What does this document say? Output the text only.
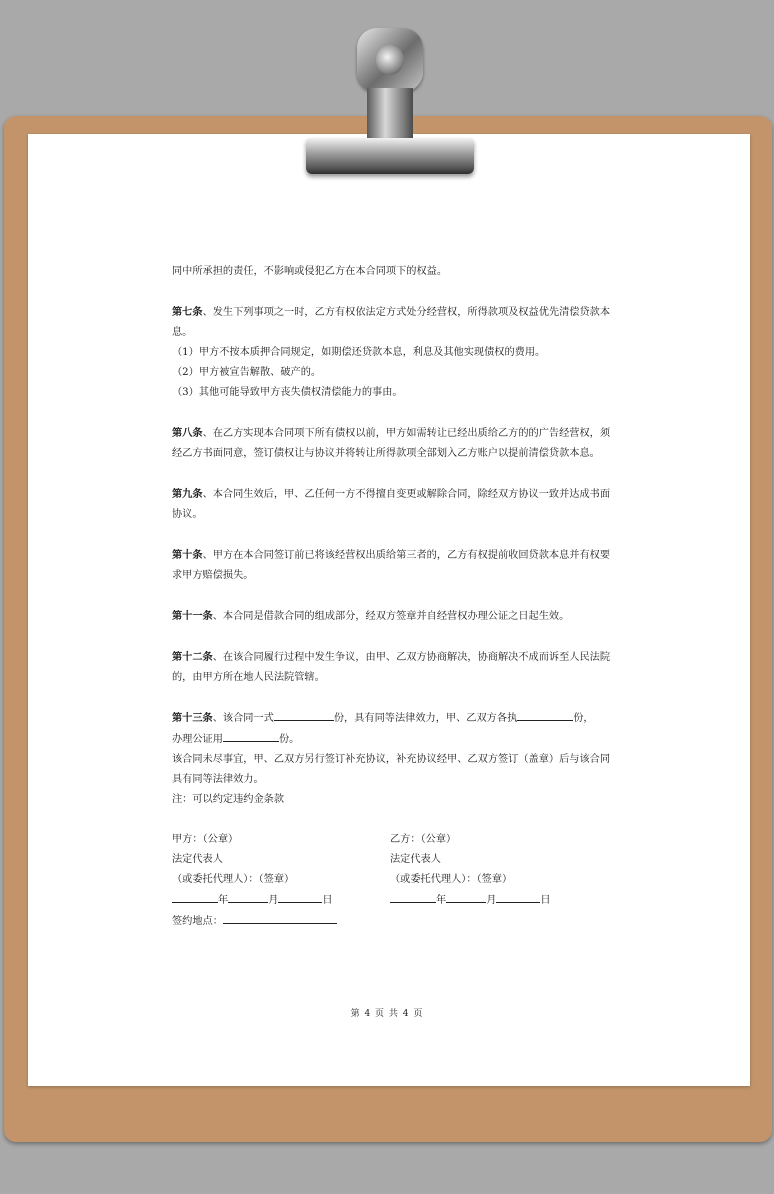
同中所承担的责任，不影响或侵犯乙方在本合同项下的权益。

第七条、发生下列事项之一时，乙方有权依法定方式处分经营权，所得款项及权益优先清偿贷款本息。

（1）甲方不按本质押合同规定，如期偿还贷款本息，利息及其他实现债权的费用。

（2）甲方被宣告解散、破产的。

（3）其他可能导致甲方丧失债权清偿能力的事由。

第八条、在乙方实现本合同项下所有债权以前，甲方如需转让已经出质给乙方的的广告经营权，须经乙方书面同意，签订债权让与协议并将转让所得款项全部划入乙方账户以提前清偿贷款本息。

第九条、本合同生效后，甲、乙任何一方不得擅自变更或解除合同，除经双方协议一致并达成书面协议。

第十条、甲方在本合同签订前已将该经营权出质给第三者的，乙方有权提前收回贷款本息并有权要求甲方赔偿损失。

第十一条、本合同是借款合同的组成部分，经双方签章并自经营权办理公证之日起生效。

第十二条、在该合同履行过程中发生争议，由甲、乙双方协商解决，协商解决不成而诉至人民法院的，由甲方所在地人民法院管辖。

第十三条、该合同一式	份，具有同等法律效力，甲、乙双方各执	份，

办理公证用	份。

该合同未尽事宜，甲、乙双方另行签订补充协议，补充协议经甲、乙双方签订（盖章）后与该合同具有同等法律效力。

注：可以约定违约金条款

甲方：（公章）

法定代表人

（或委托代理人）：（签章）

年	月	日

签约地点：

乙方：（公章）

法定代表人

（或委托代理人）：（签章）

年	月	日

第 4 页 共 4 页
